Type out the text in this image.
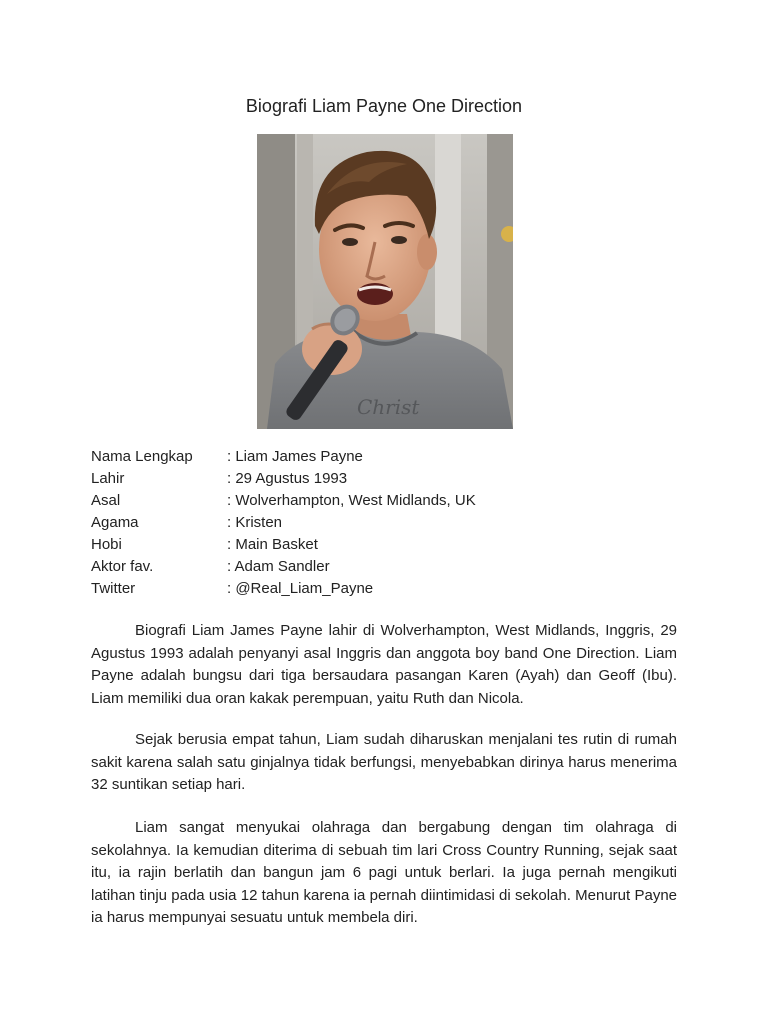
Biografi Liam Payne One Direction
Christ
Nama Lengkap	: Liam James Payne
Lahir	: 29 Agustus 1993
Asal	: Wolverhampton, West Midlands, UK
Agama	: Kristen
Hobi	: Main Basket
Aktor fav.	: Adam Sandler
Twitter	: @Real_Liam_Payne

Biografi Liam James Payne lahir di Wolverhampton, West Midlands, Inggris, 29 Agustus 1993 adalah penyanyi asal Inggris dan anggota boy band One Direction. Liam Payne adalah bungsu dari tiga bersaudara pasangan Karen (Ayah) dan Geoff (Ibu). Liam memiliki dua oran kakak perempuan, yaitu Ruth dan Nicola.

Sejak berusia empat tahun, Liam sudah diharuskan menjalani tes rutin di rumah sakit karena salah satu ginjalnya tidak berfungsi, menyebabkan dirinya harus menerima 32 suntikan setiap hari.

Liam sangat menyukai olahraga dan bergabung dengan tim olahraga di sekolahnya. Ia kemudian diterima di sebuah tim lari Cross Country Running, sejak saat itu, ia rajin berlatih dan bangun jam 6 pagi untuk berlari. Ia juga pernah mengikuti latihan tinju pada usia 12 tahun karena ia pernah diintimidasi di sekolah. Menurut Payne ia harus mempunyai sesuatu untuk membela diri.
